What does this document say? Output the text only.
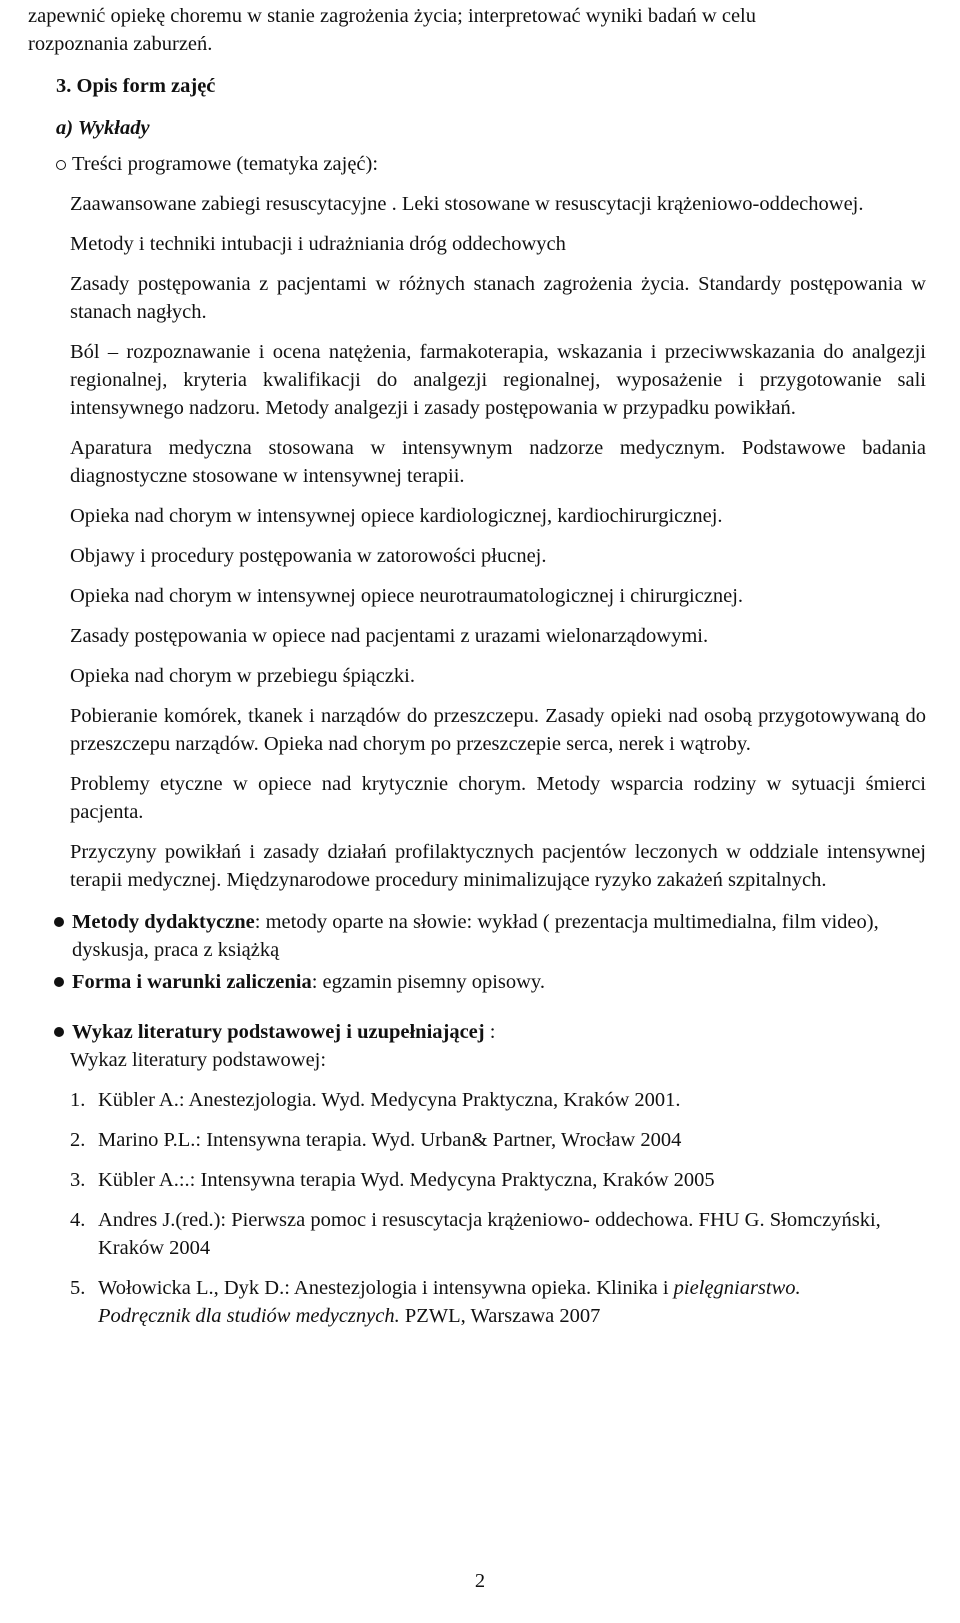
zapewnić opiekę choremu w stanie zagrożenia życia; interpretować wyniki badań w celu
rozpoznania zaburzeń.

3. Opis form zajęć

a) Wykłady

Treści programowe (tematyka zajęć):

Zaawansowane zabiegi resuscytacyjne . Leki stosowane w resuscytacji krążeniowo-oddechowej.

Metody i techniki intubacji i udrażniania dróg oddechowych

Zasady postępowania z pacjentami w różnych stanach zagrożenia życia. Standardy postępowania w stanach nagłych.

Ból – rozpoznawanie i ocena natężenia, farmakoterapia, wskazania i przeciwwskazania do analgezji regionalnej, kryteria kwalifikacji do analgezji regionalnej, wyposażenie i przygotowanie sali intensywnego nadzoru. Metody analgezji i zasady postępowania w przypadku powikłań.

Aparatura medyczna stosowana w intensywnym nadzorze medycznym. Podstawowe badania diagnostyczne stosowane w intensywnej terapii.

Opieka nad chorym w intensywnej opiece kardiologicznej, kardiochirurgicznej.

Objawy i procedury postępowania w zatorowości płucnej.

Opieka nad chorym w intensywnej opiece neurotraumatologicznej i chirurgicznej.

Zasady postępowania w opiece nad pacjentami z urazami wielonarządowymi.

Opieka nad chorym w przebiegu śpiączki.

Pobieranie komórek, tkanek i narządów do przeszczepu. Zasady opieki nad osobą przygotowywaną do przeszczepu narządów. Opieka nad chorym po przeszczepie serca, nerek i wątroby.

Problemy etyczne w opiece nad krytycznie chorym. Metody wsparcia rodziny w sytuacji śmierci pacjenta.

Przyczyny powikłań i zasady działań profilaktycznych pacjentów leczonych w oddziale intensywnej terapii medycznej. Międzynarodowe procedury minimalizujące ryzyko zakażeń szpitalnych.

Metody dydaktyczne: metody oparte na słowie: wykład ( prezentacja multimedialna, film video), dyskusja, praca z książką
Forma i warunki zaliczenia: egzamin pisemny opisowy.
Wykaz literatury podstawowej i uzupełniającej :

Wykaz literatury podstawowej:

1. Kübler A.: Anestezjologia. Wyd. Medycyna Praktyczna, Kraków 2001.
2. Marino P.L.: Intensywna terapia. Wyd. Urban& Partner, Wrocław 2004
3. Kübler A.:.: Intensywna terapia Wyd. Medycyna Praktyczna, Kraków 2005
4. Andres J.(red.): Pierwsza pomoc i resuscytacja krążeniowo- oddechowa. FHU G. Słomczyński, Kraków 2004
5. Wołowicka L., Dyk D.: Anestezjologia i intensywna opieka. Klinika i pielęgniarstwo. Podręcznik dla studiów medycznych. PZWL, Warszawa 2007
2
